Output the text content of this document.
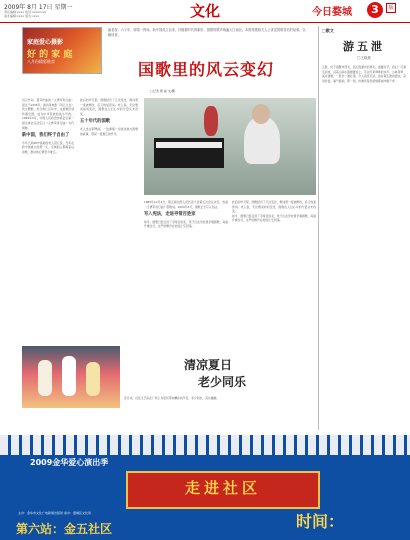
2009年 8月 17日 星期一
责任编辑:xxxx 电话:xxxxxxxx
美术编辑:xxxx 版式:xxxx	文化	今日婺城	3	版
家庭爱心摄影
好 的 家 庭
八月份精彩推荐
编者按：六十年，弹指一挥间。新中国成立以来，伴随着时代的脚步，国歌的歌声响遍大江南北。本报特邀相关人士讲述国歌背后的故事，以飨读者。
国歌里的风云变幻
□记者 周 丽 文/摄
田汉作词、聂耳作曲的《义勇军进行曲》诞生于1935年，最初是电影《风云儿女》的主题歌。抗日救亡运动中，这首歌迅速传遍全国，成为中华民族的战斗号角。1949年9月，中国人民政治协商会议第一届全体会议决定以《义勇军进行曲》为代国歌。
新中国，我们终于自由了
今年已是88岁高龄的老人回忆说，当年在新中国成立的那一天，全城的人都唱着这首歌，激动的心情至今难忘。
此后的岁月里，国歌经历了几次变化，歌词曾一度被修改，后又恢复原词。老人说，无论歌词如何变化，国歌在人们心中的分量从未改变。
五十年代的国歌
老人坐在钢琴前，一边弹奏一边讲述他与国歌的故事，那是一段难忘的岁月。
1982年12月4日，第五届全国人民代表大会第五次会议决定，恢复《义勇军进行曲》原歌词。2004年3月，国歌正式写入宪法。
写入宪法，走进寻常百姓家
如今，国歌已经走进了寻常百姓家，孩子们在学校里学唱国歌，每逢升旗仪式，庄严的歌声在校园上空回荡。
此后的岁月里，国歌经历了几次变化，歌词曾一度被修改，后又恢复原词。老人说，无论歌词如何变化，国歌在人们心中的分量从未改变。
如今，国歌已经走进了寻常百姓家，孩子们在学校里学唱国歌，每逢升旗仪式，庄严的歌声在校园上空回荡。
清凉夏日
老少同乐
连日来，社区文艺队在广场上为居民带来精彩的节目，老少同乐，其乐融融。
□散文
游五泄
□王晓燕
五泄，位于诸暨市西北，因五级瀑布而得名。盛夏时节，我们一行慕名而来，沿着山间小路缓缓而上，耳边尽是哗哗的水声。山林苍翠，溪水清澈，一泄比一泄壮观，令人流连忘返。站在第五泄的潭边，凉风扑面，暑气顿消，那一刻，仿佛所有的烦恼都被冲刷干净。
2009金华爱心演出季
走进社区
主办：金华市文化广电新闻出版局 承办：婺城区文化局
第六站：金五社区	时间：
